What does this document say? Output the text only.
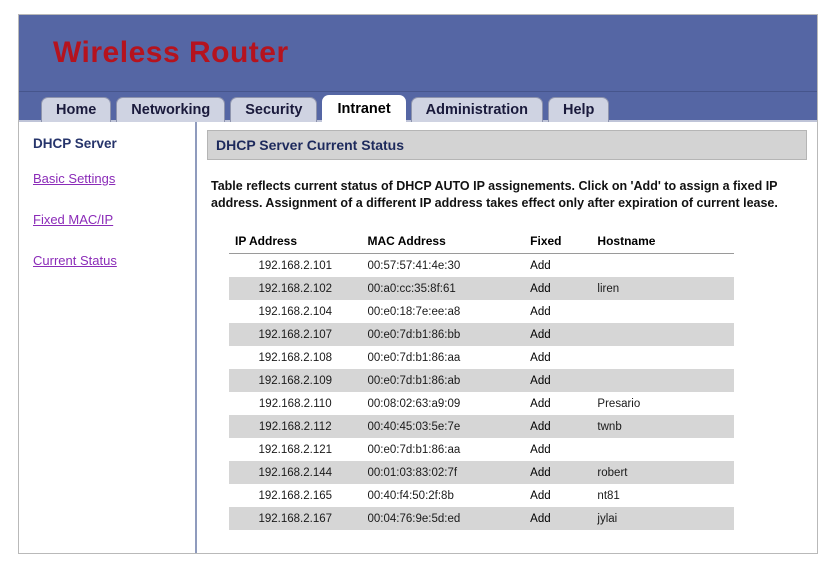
Wireless Router
Home	Networking	Security	Intranet	Administration	Help
DHCP Server
Basic Settings
Fixed MAC/IP
Current Status
DHCP Server Current Status
Table reflects current status of DHCP AUTO IP assignements. Click on 'Add' to assign a fixed IP address. Assignment of a different IP address takes effect only after expiration of current lease.
IP Address	MAC Address	Fixed	Hostname
192.168.2.101	00:57:57:41:4e:30	Add	
192.168.2.102	00:a0:cc:35:8f:61	Add	liren
192.168.2.104	00:e0:18:7e:ee:a8	Add	
192.168.2.107	00:e0:7d:b1:86:bb	Add	
192.168.2.108	00:e0:7d:b1:86:aa	Add	
192.168.2.109	00:e0:7d:b1:86:ab	Add	
192.168.2.110	00:08:02:63:a9:09	Add	Presario
192.168.2.112	00:40:45:03:5e:7e	Add	twnb
192.168.2.121	00:e0:7d:b1:86:aa	Add	
192.168.2.144	00:01:03:83:02:7f	Add	robert
192.168.2.165	00:40:f4:50:2f:8b	Add	nt81
192.168.2.167	00:04:76:9e:5d:ed	Add	jylai
